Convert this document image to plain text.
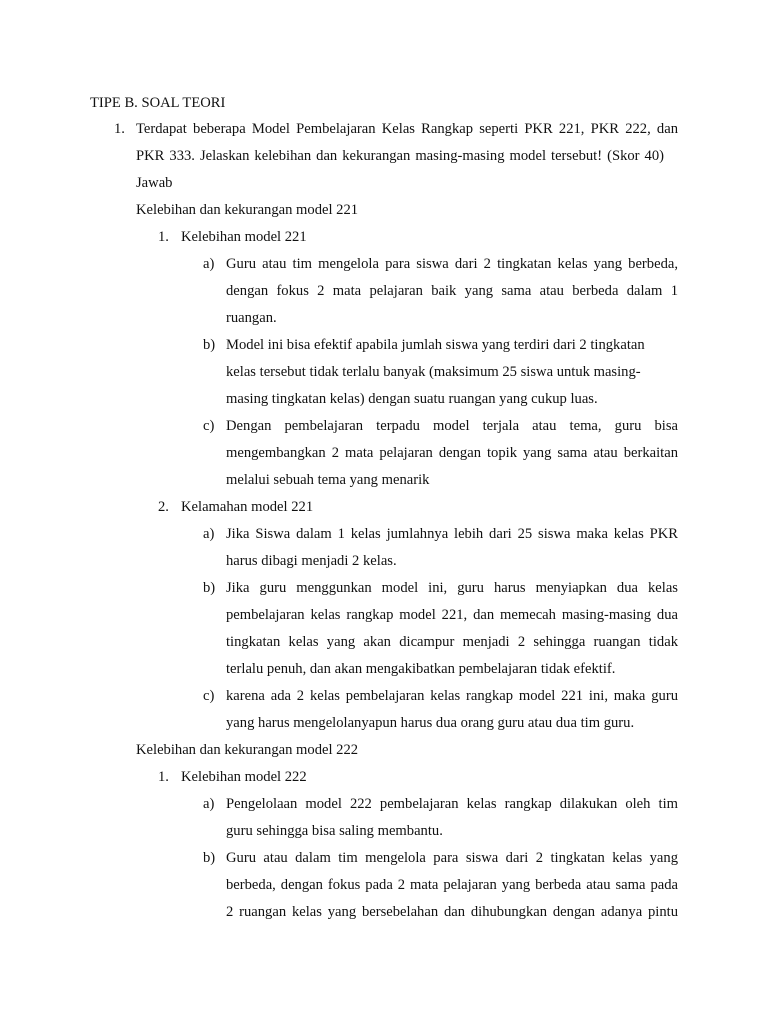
TIPE B. SOAL TEORI
1. Terdapat beberapa Model Pembelajaran Kelas Rangkap seperti PKR 221, PKR 222, dan
PKR 333. Jelaskan kelebihan dan kekurangan masing-masing model tersebut! (Skor 40)
Jawab
Kelebihan dan kekurangan model 221
1. Kelebihan model 221
a) Guru atau tim mengelola para siswa dari 2 tingkatan kelas yang berbeda,
dengan fokus 2 mata pelajaran baik yang sama atau berbeda dalam 1
ruangan.
b) Model ini bisa efektif apabila jumlah siswa yang terdiri dari 2 tingkatan
kelas tersebut tidak terlalu banyak (maksimum 25 siswa untuk masing-
masing tingkatan kelas) dengan suatu ruangan yang cukup luas.
c) Dengan pembelajaran terpadu model terjala atau tema, guru bisa
mengembangkan 2 mata pelajaran dengan topik yang sama atau berkaitan
melalui sebuah tema yang menarik
2. Kelamahan model 221
a) Jika Siswa dalam 1 kelas jumlahnya lebih dari 25 siswa maka kelas PKR
harus dibagi menjadi 2 kelas.
b) Jika guru menggunkan model ini, guru harus menyiapkan dua kelas
pembelajaran kelas rangkap model 221, dan memecah masing-masing dua
tingkatan kelas yang akan dicampur menjadi 2 sehingga ruangan tidak
terlalu penuh, dan akan mengakibatkan pembelajaran tidak efektif.
c) karena ada 2 kelas pembelajaran kelas rangkap model 221 ini, maka guru
yang harus mengelolanyapun harus dua orang guru atau dua tim guru.
Kelebihan dan kekurangan model 222
1. Kelebihan model 222
a) Pengelolaan model 222 pembelajaran kelas rangkap dilakukan oleh tim
guru sehingga bisa saling membantu.
b) Guru atau dalam tim mengelola para siswa dari 2 tingkatan kelas yang
berbeda, dengan fokus pada 2 mata pelajaran yang berbeda atau sama pada
2 ruangan kelas yang bersebelahan dan dihubungkan dengan adanya pintu
